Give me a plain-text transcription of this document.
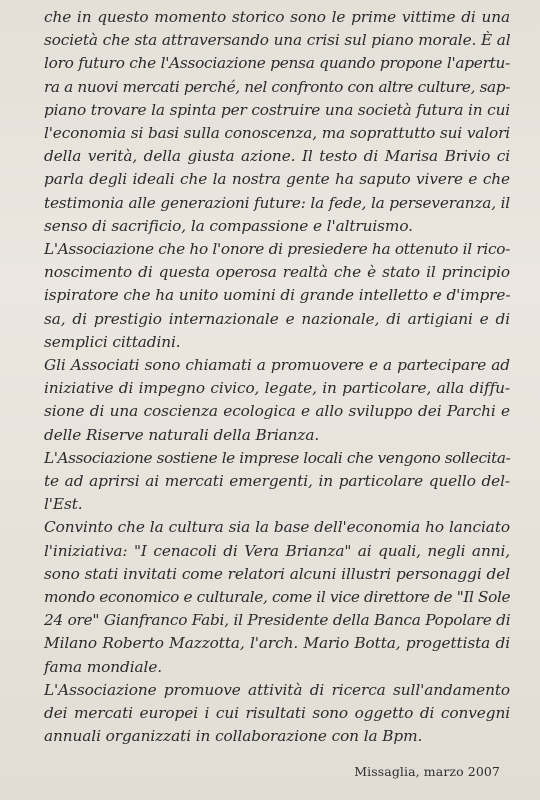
che in questo momento storico sono le prime vittime di una
società che sta attraversando una crisi sul piano morale. È al
loro futuro che l'Associazione pensa quando propone l'apertu-
ra a nuovi mercati perché, nel confronto con altre culture, sap-
piano trovare la spinta per costruire una società futura in cui
l'economia si basi sulla conoscenza, ma soprattutto sui valori
della verità, della giusta azione. Il testo di Marisa Brivio ci
parla degli ideali che la nostra gente ha saputo vivere e che
testimonia alle generazioni future: la fede, la perseveranza, il
senso di sacrificio, la compassione e l'altruismo.
L'Associazione che ho l'onore di presiedere ha ottenuto il rico-
noscimento di questa operosa realtà che è stato il principio
ispiratore che ha unito uomini di grande intelletto e d'impre-
sa, di prestigio internazionale e nazionale, di artigiani e di
semplici cittadini.
Gli Associati sono chiamati a promuovere e a partecipare ad
iniziative di impegno civico, legate, in particolare, alla diffu-
sione di una coscienza ecologica e allo sviluppo dei Parchi e
delle Riserve naturali della Brianza.
L'Associazione sostiene le imprese locali che vengono sollecita-
te ad aprirsi ai mercati emergenti, in particolare quello del-
l'Est.
Convinto che la cultura sia la base dell'economia ho lanciato
l'iniziativa: "I cenacoli di Vera Brianza" ai quali, negli anni,
sono stati invitati come relatori alcuni illustri personaggi del
mondo economico e culturale, come il vice direttore de "Il Sole
24 ore" Gianfranco Fabi, il Presidente della Banca Popolare di
Milano Roberto Mazzotta, l'arch. Mario Botta, progettista di
fama mondiale.
L'Associazione promuove attività di ricerca sull'andamento
dei mercati europei i cui risultati sono oggetto di convegni
annuali organizzati in collaborazione con la Bpm.
Missaglia, marzo 2007
